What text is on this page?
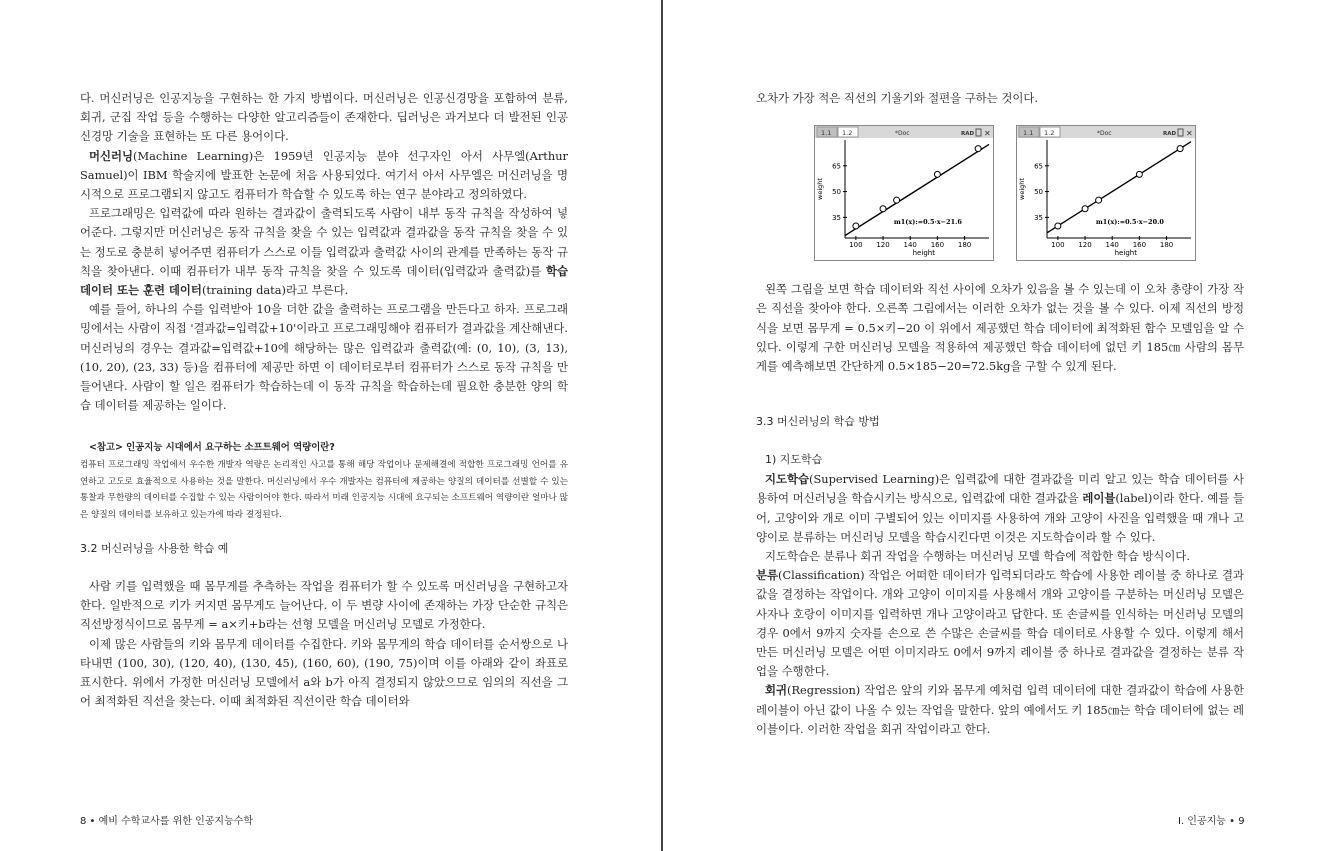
다. 머신러닝은 인공지능을 구현하는 한 가지 방법이다. 머신러닝은 인공신경망을 포함하여 분류, 회귀, 군집 작업 등을 수행하는 다양한 알고리즘들이 존재한다. 딥러닝은 과거보다 더 발전된 인공신경망 기술을 표현하는 또 다른 용어이다.

머신러닝(Machine Learning)은 1959년 인공지능 분야 선구자인 아서 사무엘(Arthur Samuel)이 IBM 학술지에 발표한 논문에 처음 사용되었다. 여기서 아서 사무엘은 머신러닝을 명시적으로 프로그램되지 않고도 컴퓨터가 학습할 수 있도록 하는 연구 분야라고 정의하였다.

프로그래밍은 입력값에 따라 원하는 결과값이 출력되도록 사람이 내부 동작 규칙을 작성하여 넣어준다. 그렇지만 머신러닝은 동작 규칙을 찾을 수 있는 입력값과 결과값을 동작 규칙을 찾을 수 있는 정도로 충분히 넣어주면 컴퓨터가 스스로 이들 입력값과 출력값 사이의 관계를 만족하는 동작 규칙을 찾아낸다. 이때 컴퓨터가 내부 동작 규칙을 찾을 수 있도록 데이터(입력값과 출력값)를 학습 데이터 또는 훈련 데이터(training data)라고 부른다.

예를 들어, 하나의 수를 입력받아 10을 더한 값을 출력하는 프로그램을 만든다고 하자. 프로그래밍에서는 사람이 직접 '결과값=입력값+10'이라고 프로그래밍해야 컴퓨터가 결과값을 계산해낸다. 머신러닝의 경우는 결과값=입력값+10에 해당하는 많은 입력값과 출력값(예: (0, 10), (3, 13), (10, 20), (23, 33) 등)을 컴퓨터에 제공만 하면 이 데이터로부터 컴퓨터가 스스로 동작 규칙을 만들어낸다. 사람이 할 일은 컴퓨터가 학습하는데 이 동작 규칙을 학습하는데 필요한 충분한 양의 학습 데이터를 제공하는 일이다.

<참고> 인공지능 시대에서 요구하는 소프트웨어 역량이란?
컴퓨터 프로그래밍 작업에서 우수한 개발자 역량은 논리적인 사고를 통해 해당 작업이나 문제해결에 적합한 프로그래밍 언어를 유연하고 고도로 효율적으로 사용하는 것을 말한다. 머신러닝에서 우수 개발자는 컴퓨터에 제공하는 양질의 데이터를 선별할 수 있는 통찰과 무한량의 데이터를 수집할 수 있는 사람이어야 한다. 따라서 미래 인공지능 시대에 요구되는 소프트웨어 역량이란 얼마나 많은 양질의 데이터를 보유하고 있는가에 따라 결정된다.
3.2 머신러닝을 사용한 학습 예

사람 키를 입력했을 때 몸무게를 추측하는 작업을 컴퓨터가 할 수 있도록 머신러닝을 구현하고자 한다. 일반적으로 키가 커지면 몸무게도 늘어난다. 이 두 변량 사이에 존재하는 가장 단순한 규칙은 직선방정식이므로 몸무게 = a×키+b라는 선형 모델을 머신러닝 모델로 가정한다.

이제 많은 사람들의 키와 몸무게 데이터를 수집한다. 키와 몸무게의 학습 데이터를 순서쌍으로 나타내면 (100, 30), (120, 40), (130, 45), (160, 60), (190, 75)이며 이를 아래와 같이 좌표로 표시한다. 위에서 가정한 머신러닝 모델에서 a와 b가 아직 결정되지 않았으므로 임의의 직선을 그어 최적화된 직선을 찾는다. 이때 최적화된 직선이란 학습 데이터와

8 • 예비 수학교사를 위한 인공지능수학

오차가 가장 적은 직선의 기울기와 절편을 구하는 것이다.

1.1 1.2	*Doc	RAD ✕
100 120 140 160 180
35
50
65
height
weight
m1(x):=0.5·x−21.6
1.1 1.2	*Doc	RAD ✕
100 120 140 160 180
35
50
65
height
weight
m1(x):=0.5·x−20.0

왼쪽 그림을 보면 학습 데이터와 직선 사이에 오차가 있음을 볼 수 있는데 이 오차 총량이 가장 작은 직선을 찾아야 한다. 오른쪽 그림에서는 이러한 오차가 없는 것을 볼 수 있다. 이제 직선의 방정식을 보면 몸무게 = 0.5×키−20 이 위에서 제공했던 학습 데이터에 최적화된 함수 모델임을 알 수 있다. 이렇게 구한 머신러닝 모델을 적용하여 제공했던 학습 데이터에 없던 키 185㎝ 사람의 몸무게를 예측해보면 간단하게 0.5×185−20=72.5kg을 구할 수 있게 된다.

3.3 머신러닝의 학습 방법
1) 지도학습

지도학습(Supervised Learning)은 입력값에 대한 결과값을 미리 알고 있는 학습 데이터를 사용하여 머신러닝을 학습시키는 방식으로, 입력값에 대한 결과값을 레이블(label)이라 한다. 예를 들어, 고양이와 개로 이미 구별되어 있는 이미지를 사용하여 개와 고양이 사진을 입력했을 때 개나 고양이로 분류하는 머신러닝 모델을 학습시킨다면 이것은 지도학습이라 할 수 있다.

지도학습은 분류나 회귀 작업을 수행하는 머신러닝 모델 학습에 적합한 학습 방식이다.

분류(Classification) 작업은 어떠한 데이터가 입력되더라도 학습에 사용한 레이블 중 하나로 결과값을 결정하는 작업이다. 개와 고양이 이미지를 사용해서 개와 고양이를 구분하는 머신러닝 모델은 사자나 호랑이 이미지를 입력하면 개나 고양이라고 답한다. 또 손글씨를 인식하는 머신러닝 모델의 경우 0에서 9까지 숫자를 손으로 쓴 수많은 손글씨를 학습 데이터로 사용할 수 있다. 이렇게 해서 만든 머신러닝 모델은 어떤 이미지라도 0에서 9까지 레이블 중 하나로 결과값을 결정하는 분류 작업을 수행한다.

회귀(Regression) 작업은 앞의 키와 몸무게 예처럼 입력 데이터에 대한 결과값이 학습에 사용한 레이블이 아닌 값이 나올 수 있는 작업을 말한다. 앞의 예에서도 키 185㎝는 학습 데이터에 없는 레이블이다. 이러한 작업을 회귀 작업이라고 한다.

I. 인공지능 • 9
